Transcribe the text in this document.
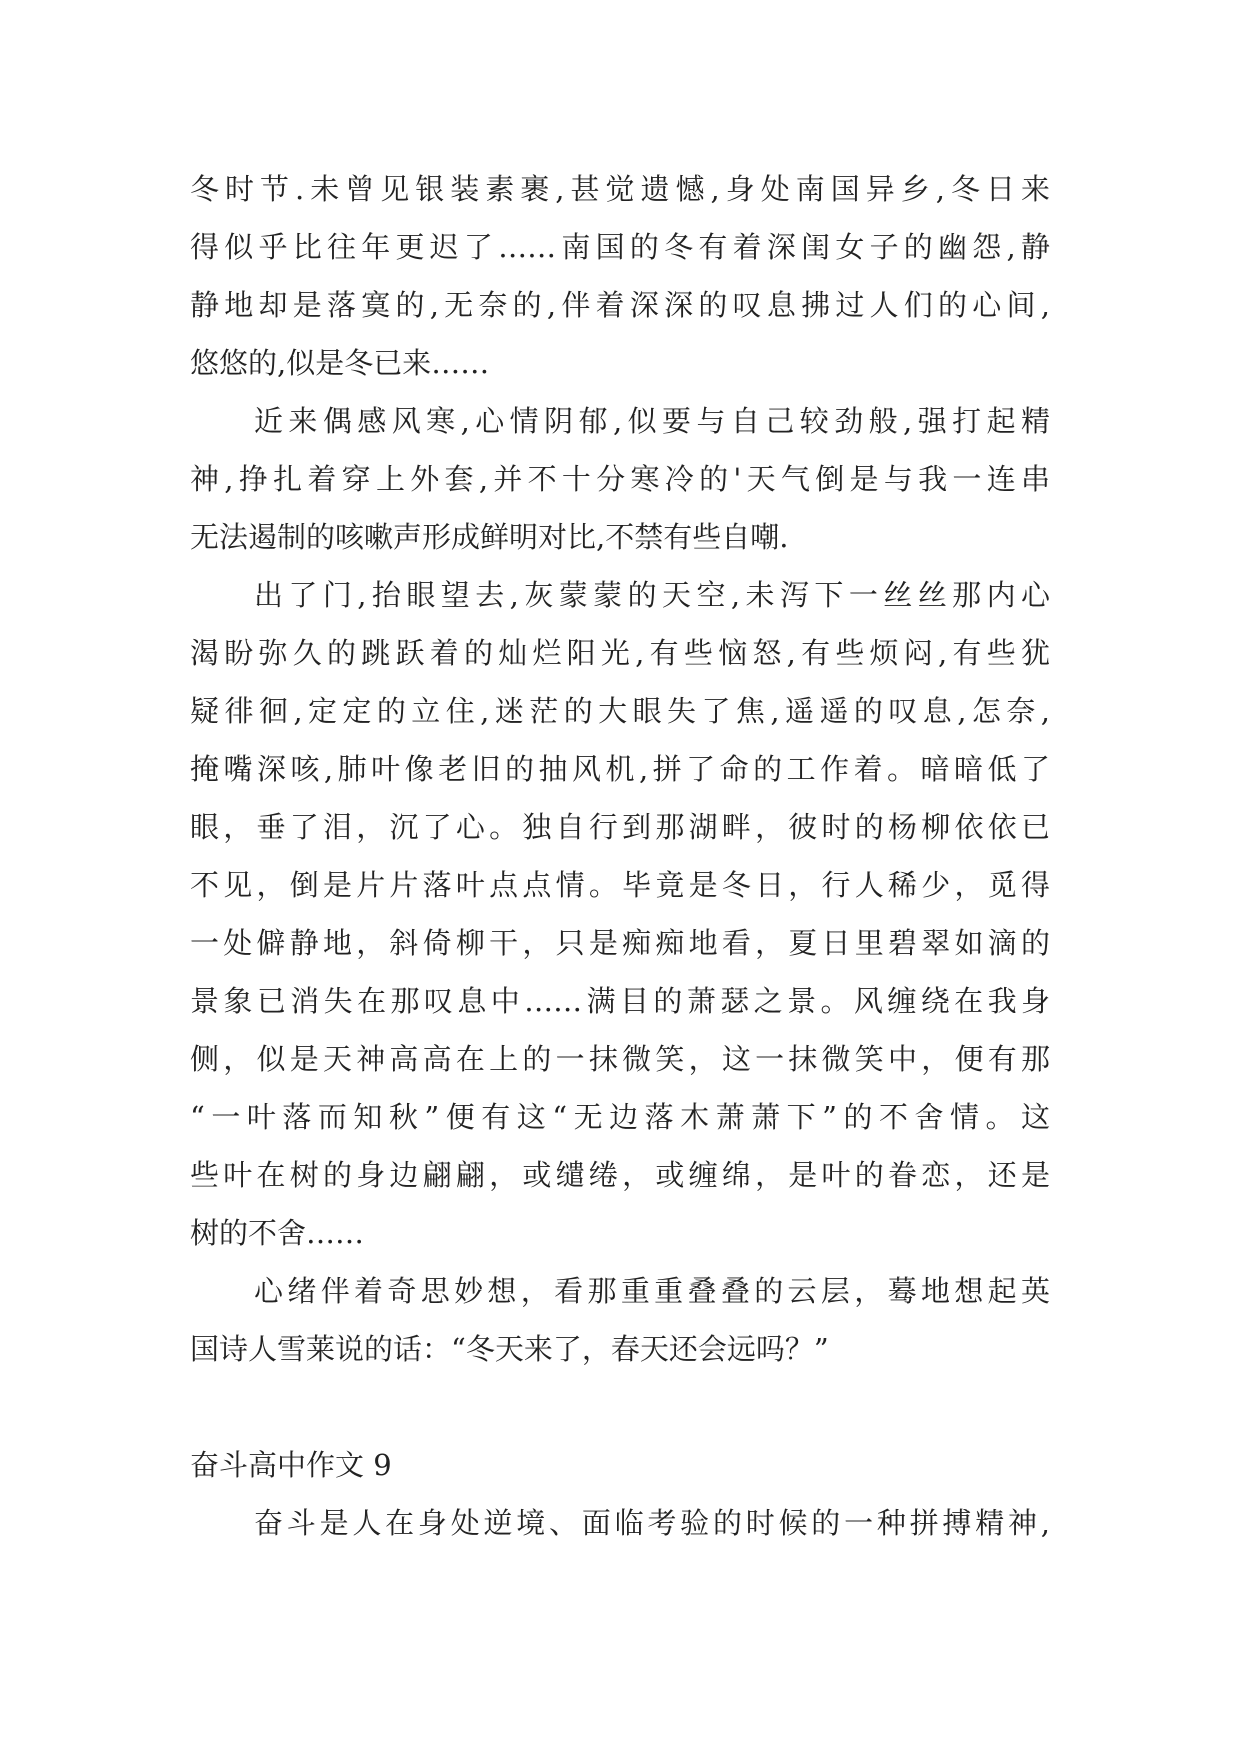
冬时节.未曾见银装素裹,甚觉遗憾,身处南国异乡,冬日来
得似乎比往年更迟了……南国的冬有着深闺女子的幽怨,静
静地却是落寞的,无奈的,伴着深深的叹息拂过人们的心间,
悠悠的,似是冬已来……
近来偶感风寒,心情阴郁,似要与自己较劲般,强打起精
神,挣扎着穿上外套,并不十分寒冷的'天气倒是与我一连串
无法遏制的咳嗽声形成鲜明对比,不禁有些自嘲.
出了门,抬眼望去,灰蒙蒙的天空,未泻下一丝丝那内心
渴盼弥久的跳跃着的灿烂阳光,有些恼怒,有些烦闷,有些犹
疑徘徊,定定的立住,迷茫的大眼失了焦,遥遥的叹息,怎奈,
掩嘴深咳,肺叶像老旧的抽风机,拼了命的工作着。暗暗低了
眼，垂了泪，沉了心。独自行到那湖畔，彼时的杨柳依依已
不见，倒是片片落叶点点情。毕竟是冬日，行人稀少，觅得
一处僻静地，斜倚柳干，只是痴痴地看，夏日里碧翠如滴的
景象已消失在那叹息中……满目的萧瑟之景。风缠绕在我身
侧，似是天神高高在上的一抹微笑，这一抹微笑中，便有那
“一叶落而知秋”便有这“无边落木萧萧下”的不舍情。这
些叶在树的身边翩翩，或缱绻，或缠绵，是叶的眷恋，还是
树的不舍……
心绪伴着奇思妙想，看那重重叠叠的云层，蓦地想起英
国诗人雪莱说的话：“冬天来了，春天还会远吗？”
奋斗高中作文 9
奋斗是人在身处逆境、面临考验的时候的一种拼搏精神,
